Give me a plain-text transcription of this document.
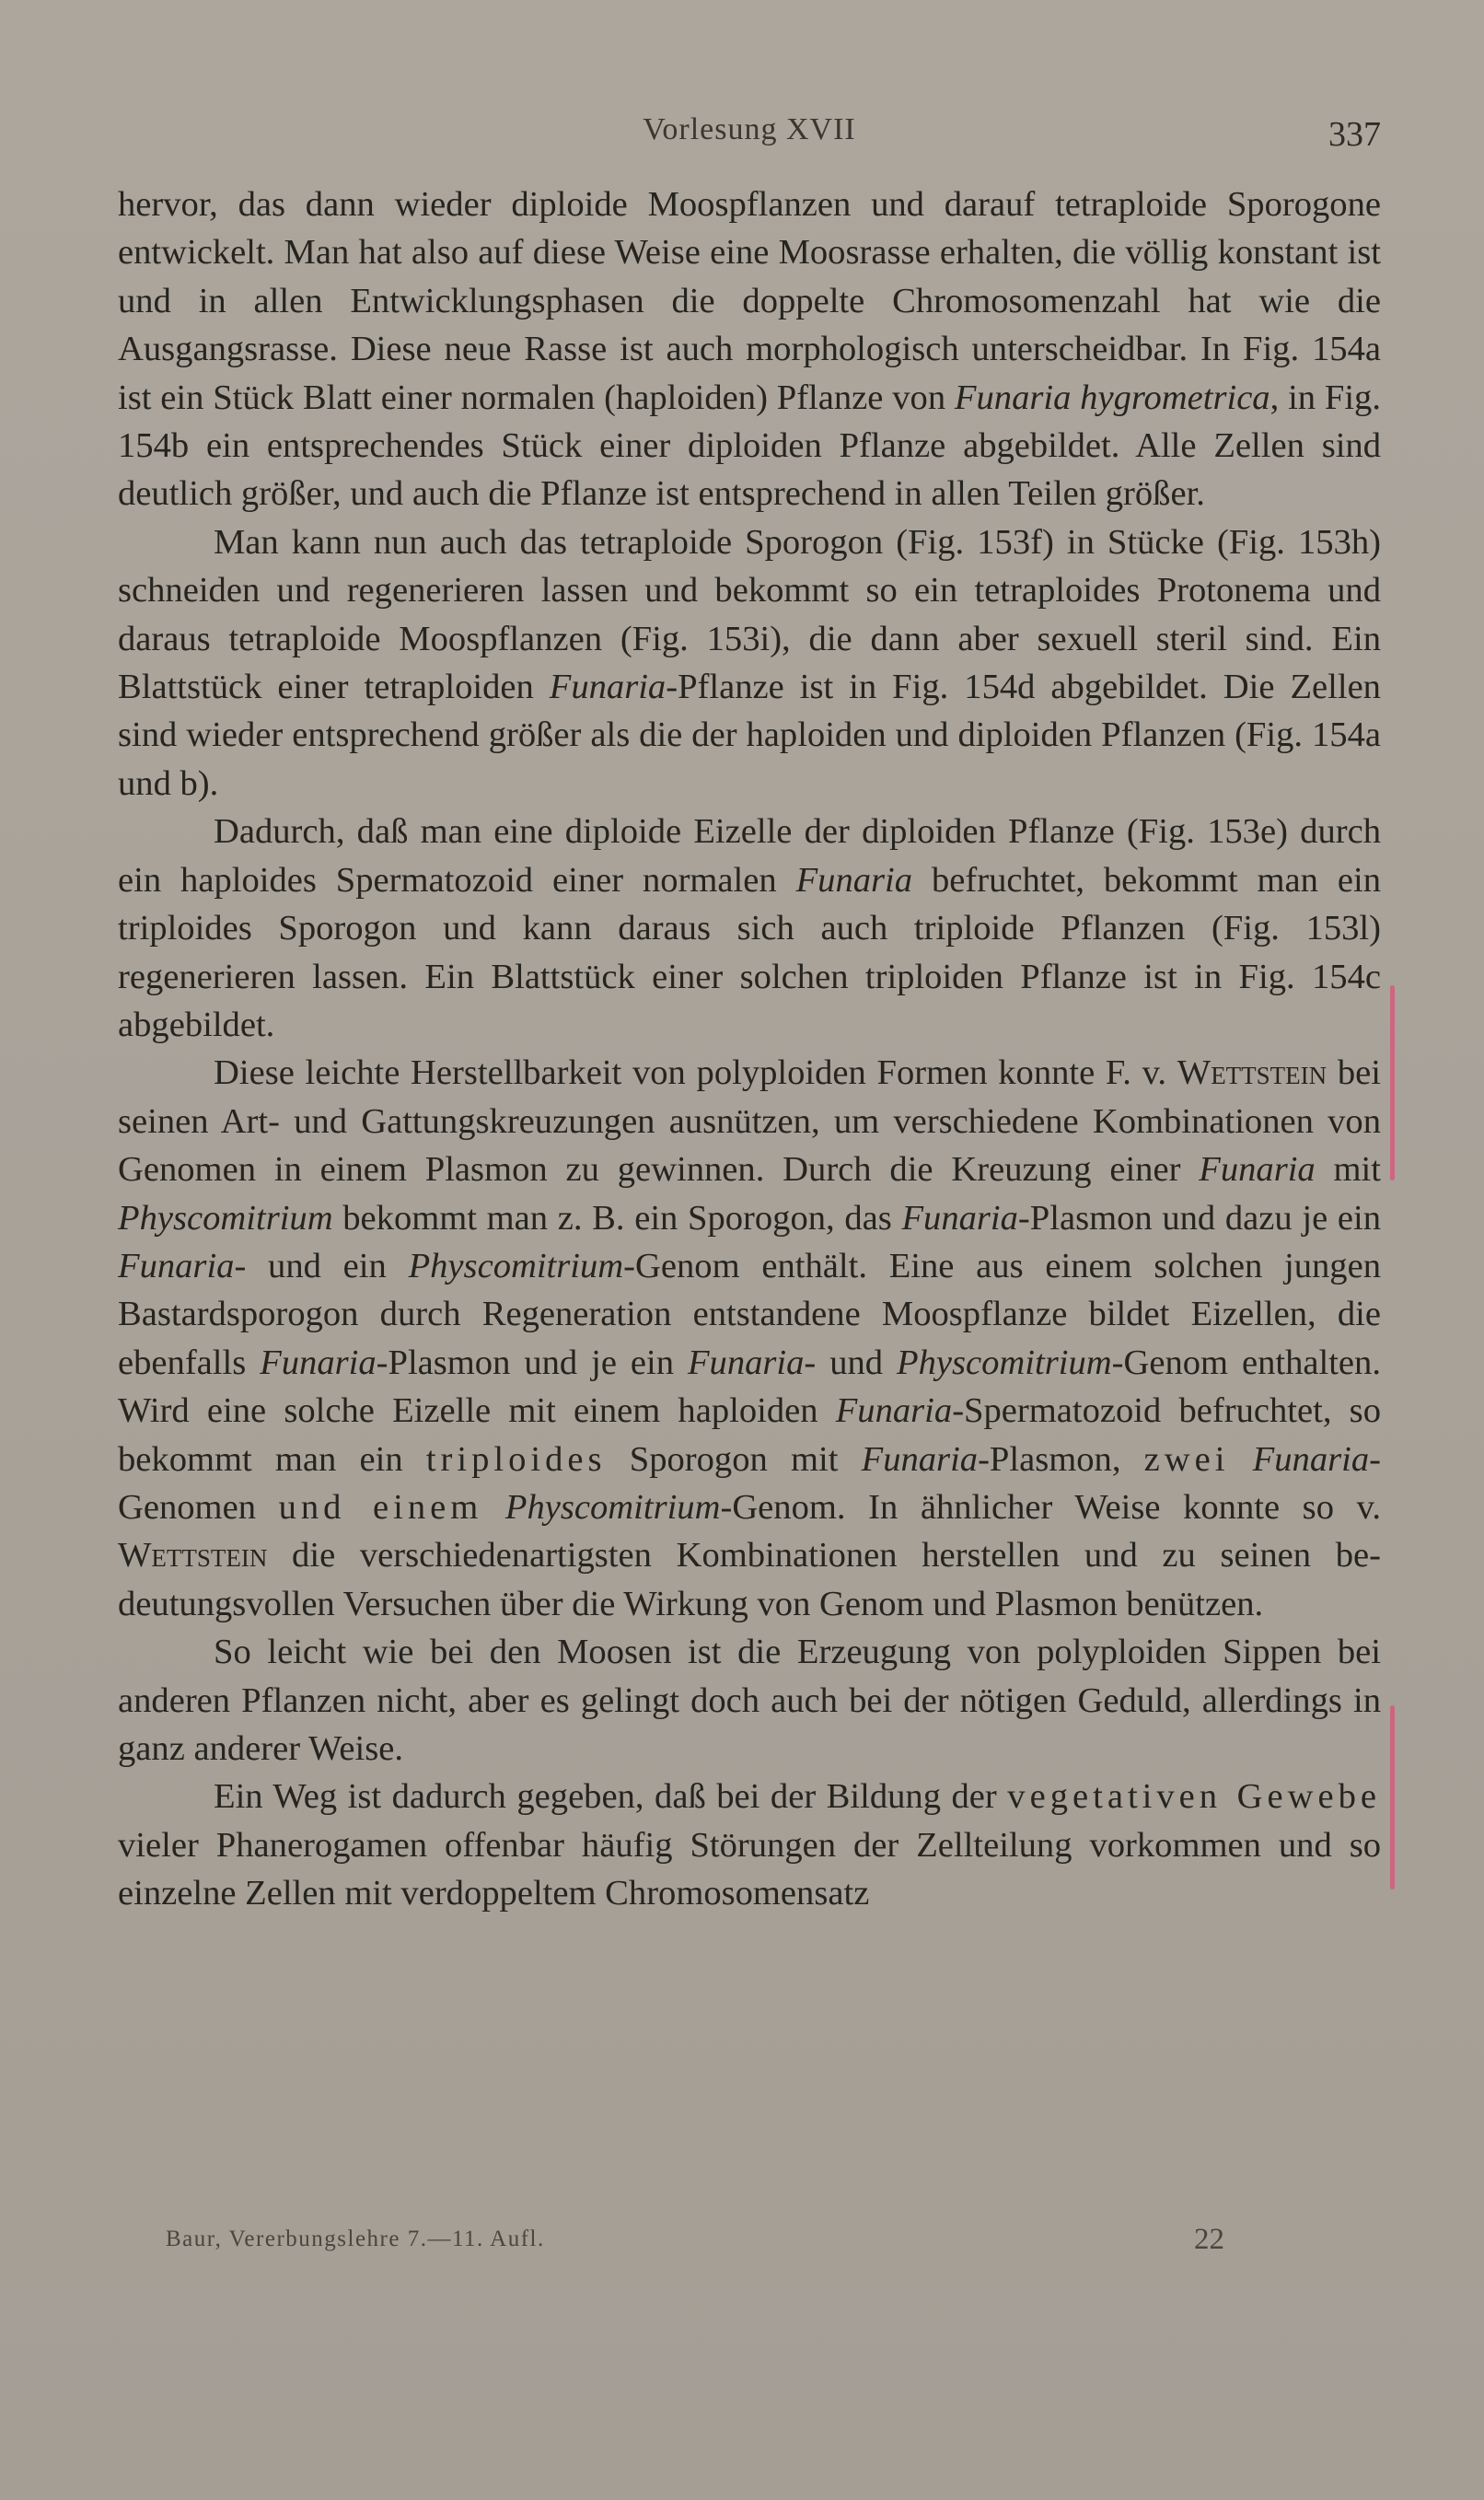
Vorlesung XVII	337

hervor, das dann wieder diploide Moospflanzen und darauf tetraploide Sporogone entwickelt. Man hat also auf diese Weise eine Moosrasse erhalten, die völlig konstant ist und in allen Entwicklungsphasen die doppelte Chromosomenzahl hat wie die Ausgangsrasse. Diese neue Rasse ist auch morphologisch unterscheidbar. In Fig. 154a ist ein Stück Blatt einer normalen (haploiden) Pflanze von Funaria hygrometrica, in Fig. 154b ein entsprechendes Stück einer diploiden Pflanze abgebildet. Alle Zellen sind deutlich größer, und auch die Pflanze ist entsprechend in allen Teilen größer.

Man kann nun auch das tetraploide Sporogon (Fig. 153f) in Stücke (Fig. 153h) schneiden und regenerieren lassen und bekommt so ein tetraploides Protonema und daraus tetraploide Moospflanzen (Fig. 153i), die dann aber sexuell steril sind. Ein Blattstück einer tetraploiden Funaria-Pflanze ist in Fig. 154d abgebildet. Die Zellen sind wieder entsprechend größer als die der haploiden und diploiden Pflanzen (Fig. 154a und b).

Dadurch, daß man eine diploide Eizelle der diploiden Pflanze (Fig. 153e) durch ein haploides Spermatozoid einer normalen Funaria befruchtet, bekommt man ein triploides Sporogon und kann daraus sich auch triploide Pflanzen (Fig. 153l) regenerieren lassen. Ein Blattstück einer solchen triploiden Pflanze ist in Fig. 154c abgebildet.

Diese leichte Herstellbarkeit von polyploiden Formen konnte F. v. Wettstein bei seinen Art- und Gattungskreuzungen ausnützen, um verschiedene Kombinationen von Genomen in einem Plasmon zu gewinnen. Durch die Kreuzung einer Funaria mit Physcomitrium bekommt man z. B. ein Sporogon, das Funaria-Plasmon und dazu je ein Funaria- und ein Physcomitrium-Genom enthält. Eine aus einem solchen jungen Bastardsporogon durch Regeneration entstandene Moospflanze bildet Eizellen, die ebenfalls Funaria-Plasmon und je ein Funaria- und Physcomitrium-Genom enthalten. Wird eine solche Eizelle mit einem haploiden Funaria-Spermatozoid befruchtet, so bekommt man ein triploides Sporogon mit Funaria-Plasmon, zwei Funaria-Genomen und einem Physcomitrium-Genom. In ähnlicher Weise konnte so v. Wettstein die verschiedenartigsten Kombinationen herstellen und zu seinen bedeutungsvollen Versuchen über die Wirkung von Genom und Plasmon benützen.

So leicht wie bei den Moosen ist die Erzeugung von polyploiden Sippen bei anderen Pflanzen nicht, aber es gelingt doch auch bei der nötigen Geduld, allerdings in ganz anderer Weise.

Ein Weg ist dadurch gegeben, daß bei der Bildung der vegetativen Gewebe vieler Phanerogamen offenbar häufig Störungen der Zellteilung vorkommen und so einzelne Zellen mit verdoppeltem Chromosomensatz

Baur, Vererbungslehre 7.—11. Aufl.	22
